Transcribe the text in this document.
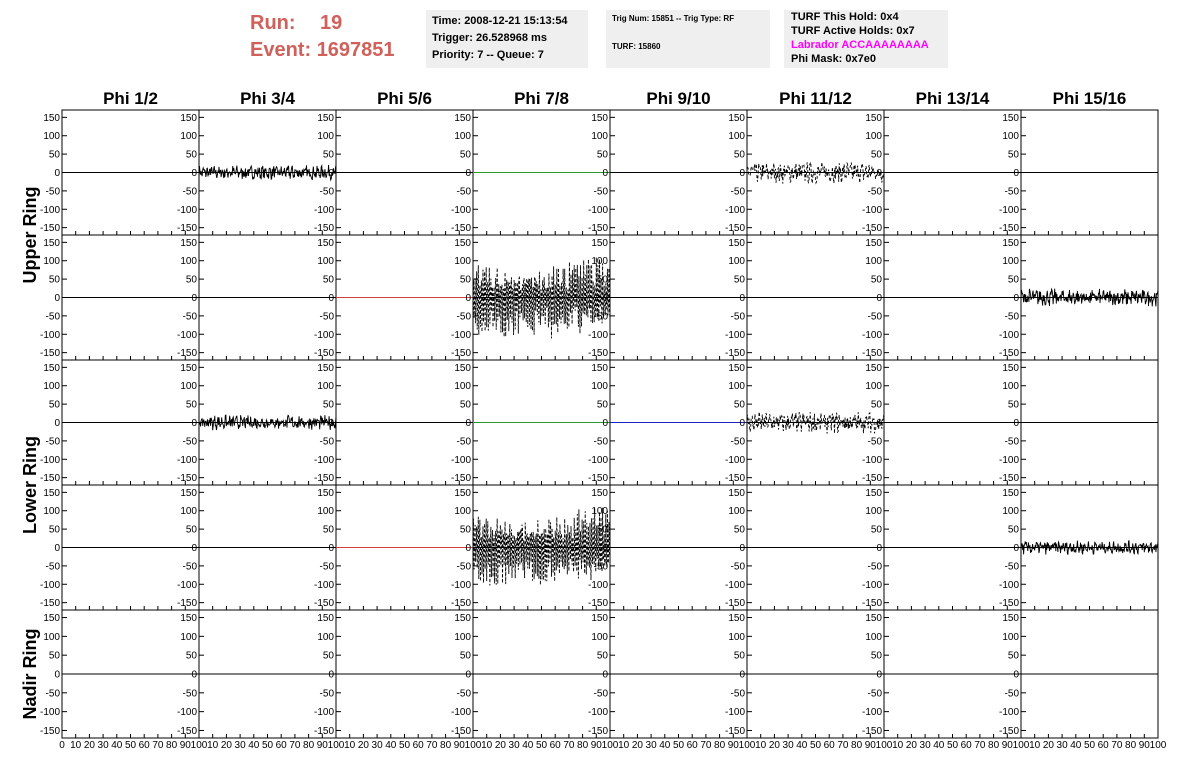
Run:	19
Event:
1697851
Time: 2008-12-21 15:13:54
Trigger: 26.528968 ms
Priority: 7 -- Queue: 7
Trig Num: 15851 -- Trig Type: RF
TURF: 15860
TURF This Hold: 0x4
TURF Active Holds: 0x7
Labrador ACCAAAAAAAA
Phi Mask: 0x7e0
Phi 1/2	Phi 3/4	Phi 5/6	Phi 7/8	Phi 9/10	Phi 11/12	Phi 13/14	Phi 15/16
Upper Ring
Lower Ring
Nadir Ring
150
100
50
0
-50
-100
-150
150
100
50
0
-50
-100
-150
150
100
50
0
-50
-100
-150
150
100
50
0
-50
-100
-150
150
100
50
0
-50
-100
-150
150
100
50
0
-50
-100
-150
150
100
50
0
-50
-100
-150
150
100
50
0
-50
-100
-150
150
100
50
0
-50
-100
-150
150
100
50
0
-50
-100
-150
150
100
50
0
-50
-100
-150
150
100
50
0
-50
-100
-150
150
100
50
0
-50
-100
-150
150
100
50
0
-50
-100
-150
150
100
50
0
-50
-100
-150
150
100
50
0
-50
-100
-150
150
100
50
0
-50
-100
-150
150
100
50
0
-50
-100
-150
150
100
50
0
-50
-100
-150
150
100
50
0
-50
-100
-150
150
100
50
0
-50
-100
-150
150
100
50
0
-50
-100
-150
150
100
50
0
-50
-100
-150
150
100
50
0
-50
-100
-150
150
100
50
0
-50
-100
-150
150
100
50
0
-50
-100
-150
150
100
50
0
-50
-100
-150
150
100
50
0
-50
-100
-150
150
100
50
0
-50
-100
-150
150
100
50
0
-50
-100
-150
150
100
50
0
-50
-100
-150
150
100
50
0
-50
-100
-150
150
100
50
0
-50
-100
-150
150
100
50
0
-50
-100
-150
150
100
50
0
-50
-100
-150
150
100
50
0
-50
-100
-150
150
100
50
0
-50
-100
-150
150
100
50
0
-50
-100
-150
150
100
50
0
-50
-100
-150
150
100
50
0
-50
-100
-150
0 10 20 30 40 50 60 70 80 90 100 10 20 30 40 50 60 70 80 90 100 10 20 30 40 50 60 70 80 90 100 10 20 30 40 50 60 70 80 90 100 10 20 30 40 50 60 70 80 90 100 10 20 30 40 50 60 70 80 90 100 10 20 30 40 50 60 70 80 90 100 10 20 30 40 50 60 70 80 90 100
